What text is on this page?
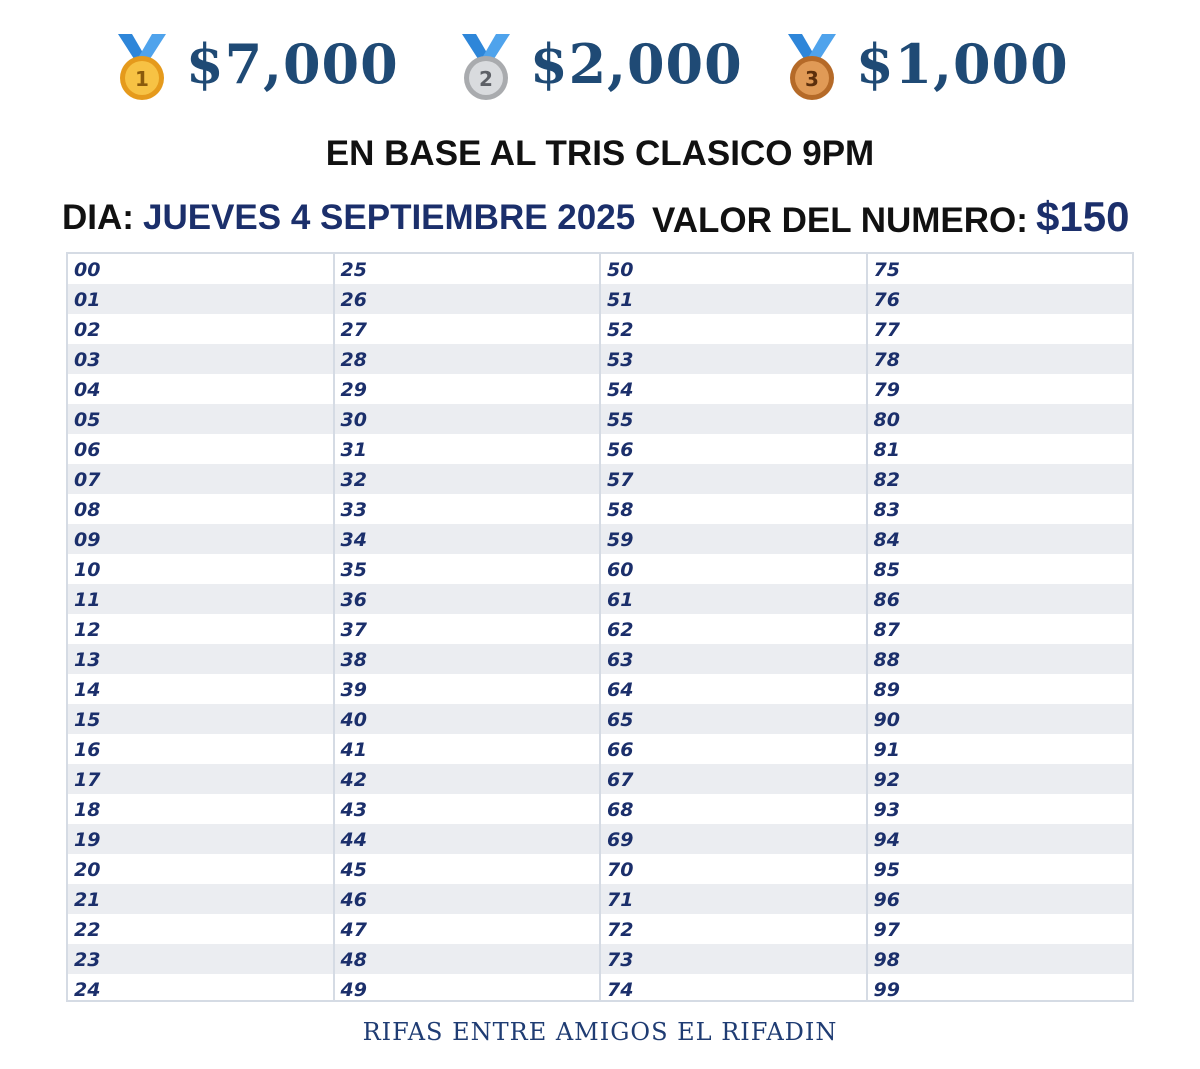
1 $7,000	2 $2,000	3 $1,000
EN BASE AL TRIS CLASICO 9PM
DIA: JUEVES 4 SEPTIEMBRE 2025 VALOR DEL NUMERO: $150
00
01
02
03
04
05
06
07
08
09
10
11
12
13
14
15
16
17
18
19
20
21
22
23
24
25
26
27
28
29
30
31
32
33
34
35
36
37
38
39
40
41
42
43
44
45
46
47
48
49
50
51
52
53
54
55
56
57
58
59
60
61
62
63
64
65
66
67
68
69
70
71
72
73
74
75
76
77
78
79
80
81
82
83
84
85
86
87
88
89
90
91
92
93
94
95
96
97
98
99
RIFAS ENTRE AMIGOS EL RIFADIN
